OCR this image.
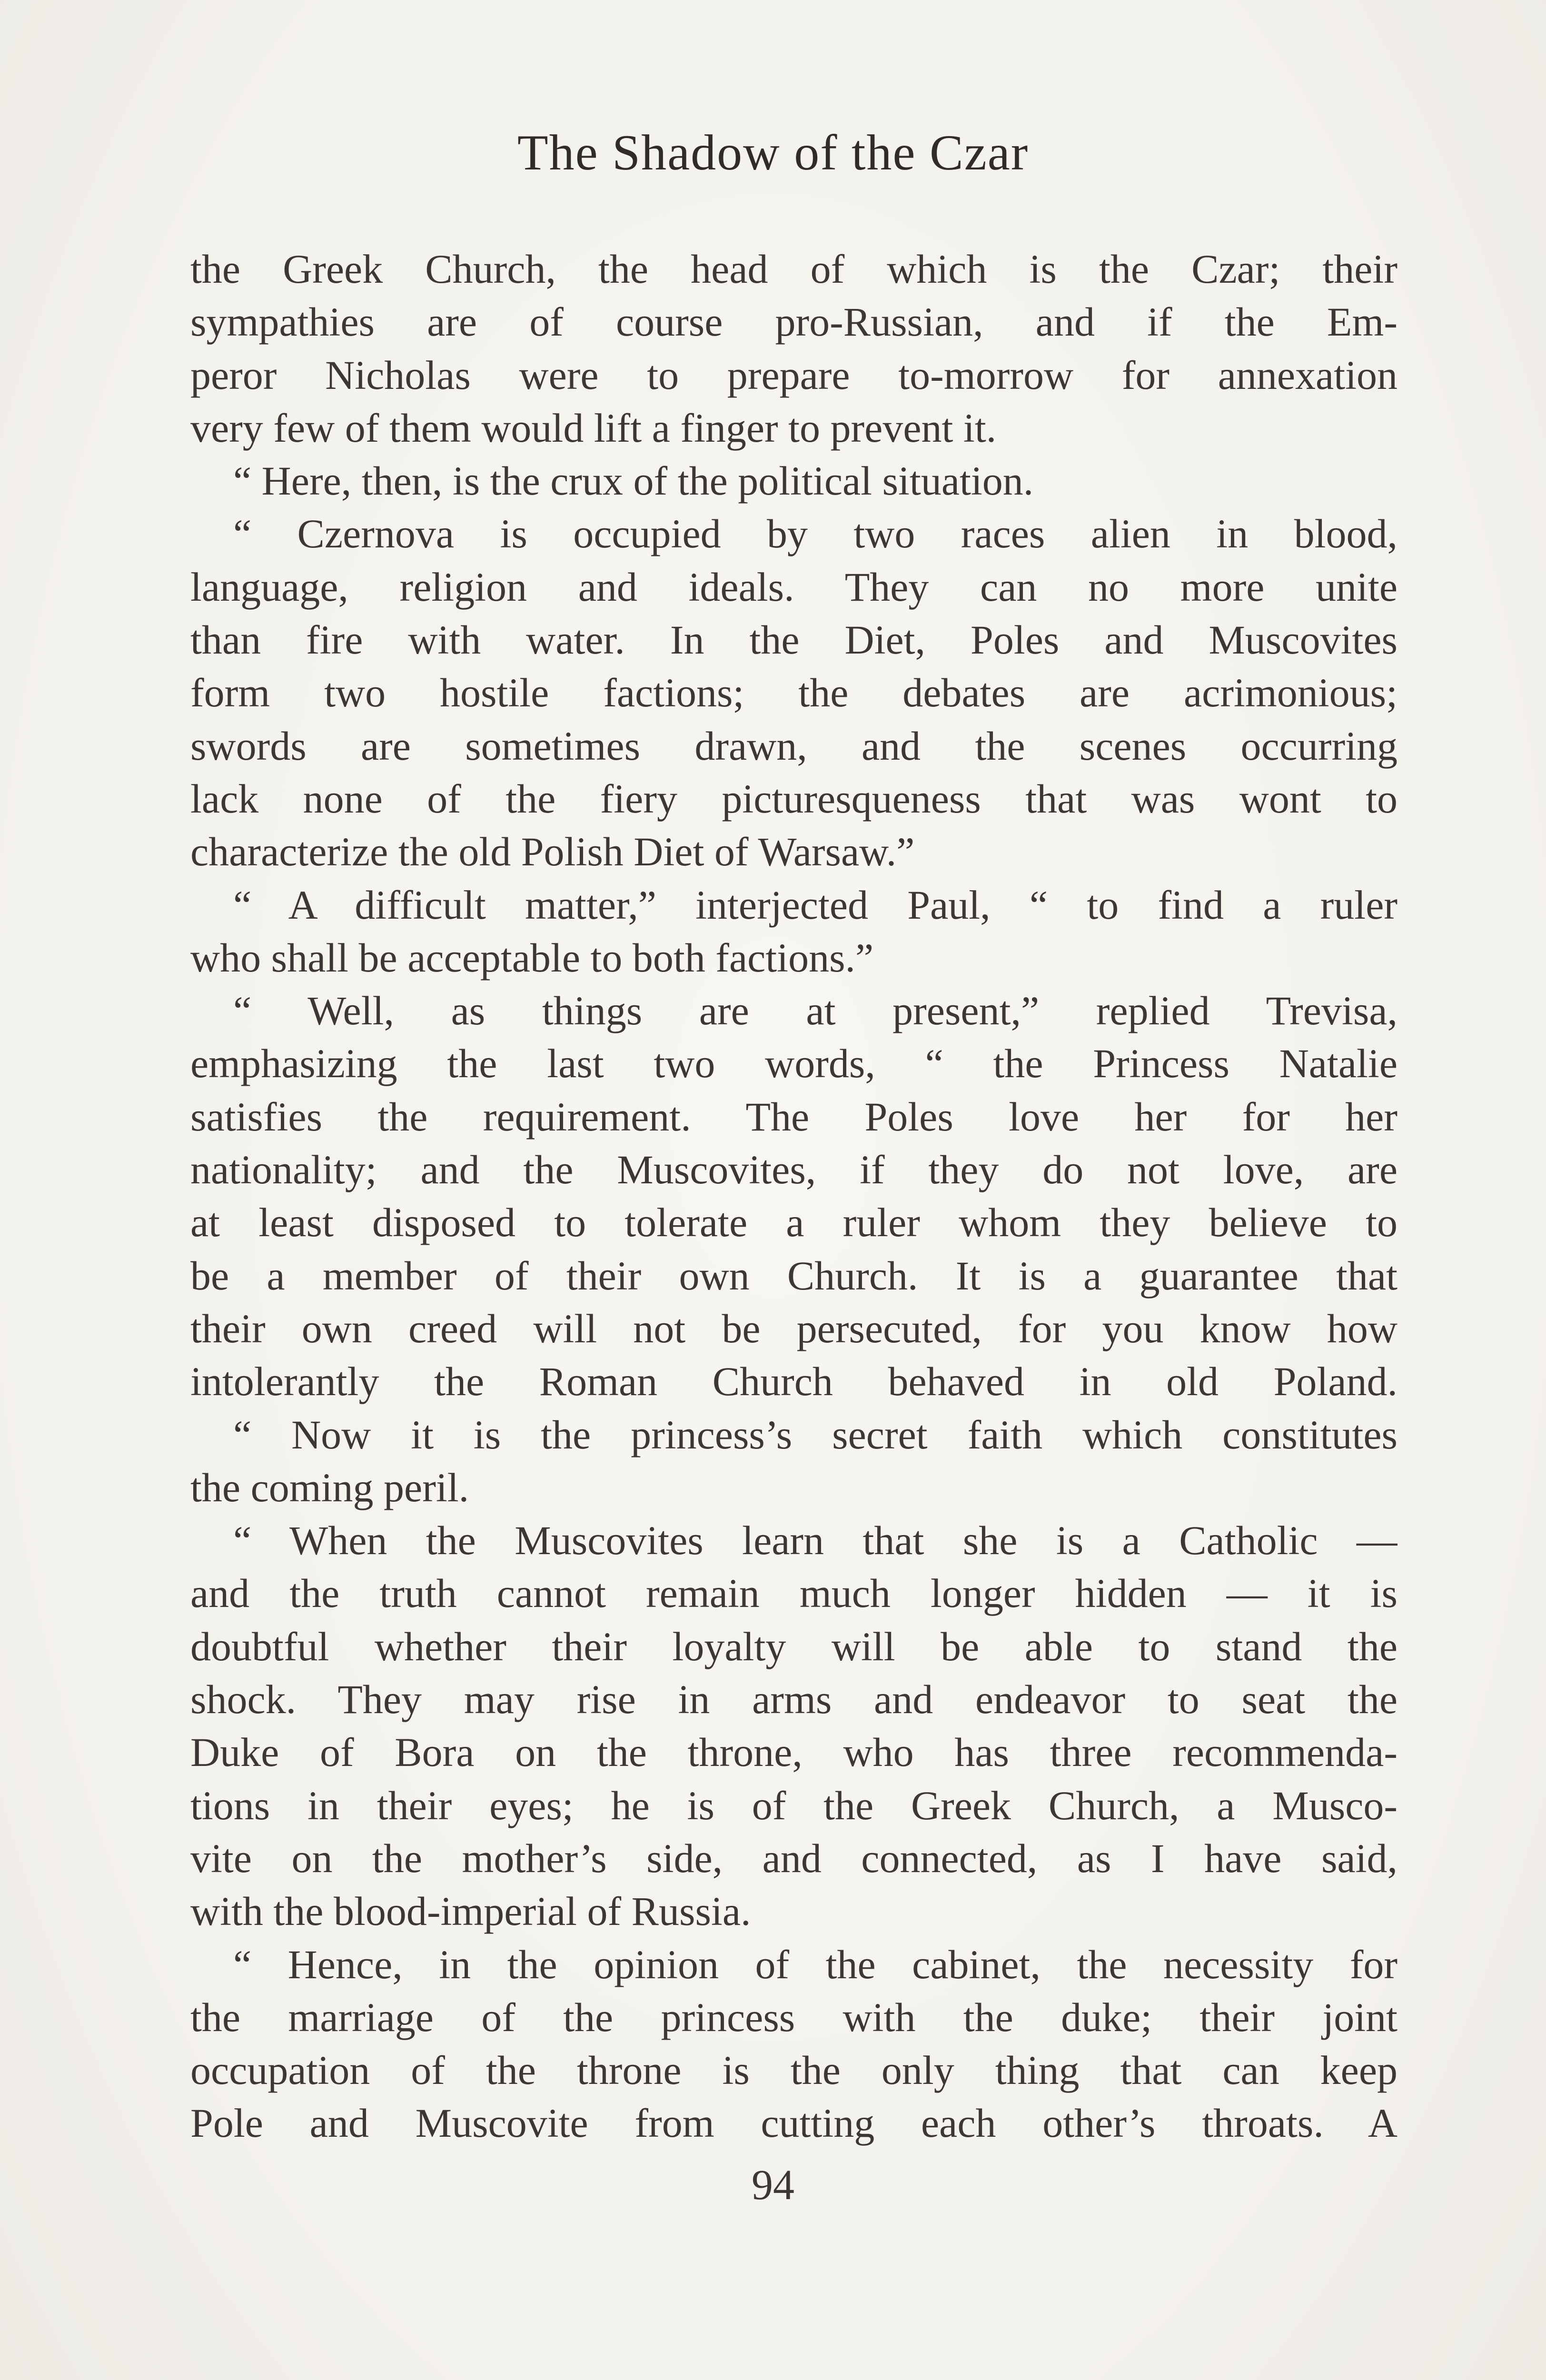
The Shadow of the Czar
the Greek Church, the head of which is the Czar; their
sympathies are of course pro-Russian, and if the Em-
peror Nicholas were to prepare to-morrow for annexation
very few of them would lift a finger to prevent it.
“ Here, then, is the crux of the political situation.
“ Czernova is occupied by two races alien in blood,
language, religion and ideals. They can no more unite
than fire with water. In the Diet, Poles and Muscovites
form two hostile factions; the debates are acrimonious;
swords are sometimes drawn, and the scenes occurring
lack none of the fiery picturesqueness that was wont to
characterize the old Polish Diet of Warsaw.”
“ A difficult matter,” interjected Paul, “ to find a ruler
who shall be acceptable to both factions.”
“ Well, as things are at present,” replied Trevisa,
emphasizing the last two words, “ the Princess Natalie
satisfies the requirement. The Poles love her for her
nationality; and the Muscovites, if they do not love, are
at least disposed to tolerate a ruler whom they believe to
be a member of their own Church. It is a guarantee that
their own creed will not be persecuted, for you know how
intolerantly the Roman Church behaved in old Poland.
“ Now it is the princess’s secret faith which constitutes
the coming peril.
“ When the Muscovites learn that she is a Catholic —
and the truth cannot remain much longer hidden — it is
doubtful whether their loyalty will be able to stand the
shock. They may rise in arms and endeavor to seat the
Duke of Bora on the throne, who has three recommenda-
tions in their eyes; he is of the Greek Church, a Musco-
vite on the mother’s side, and connected, as I have said,
with the blood-imperial of Russia.
“ Hence, in the opinion of the cabinet, the necessity for
the marriage of the princess with the duke; their joint
occupation of the throne is the only thing that can keep
Pole and Muscovite from cutting each other’s throats. A
94
